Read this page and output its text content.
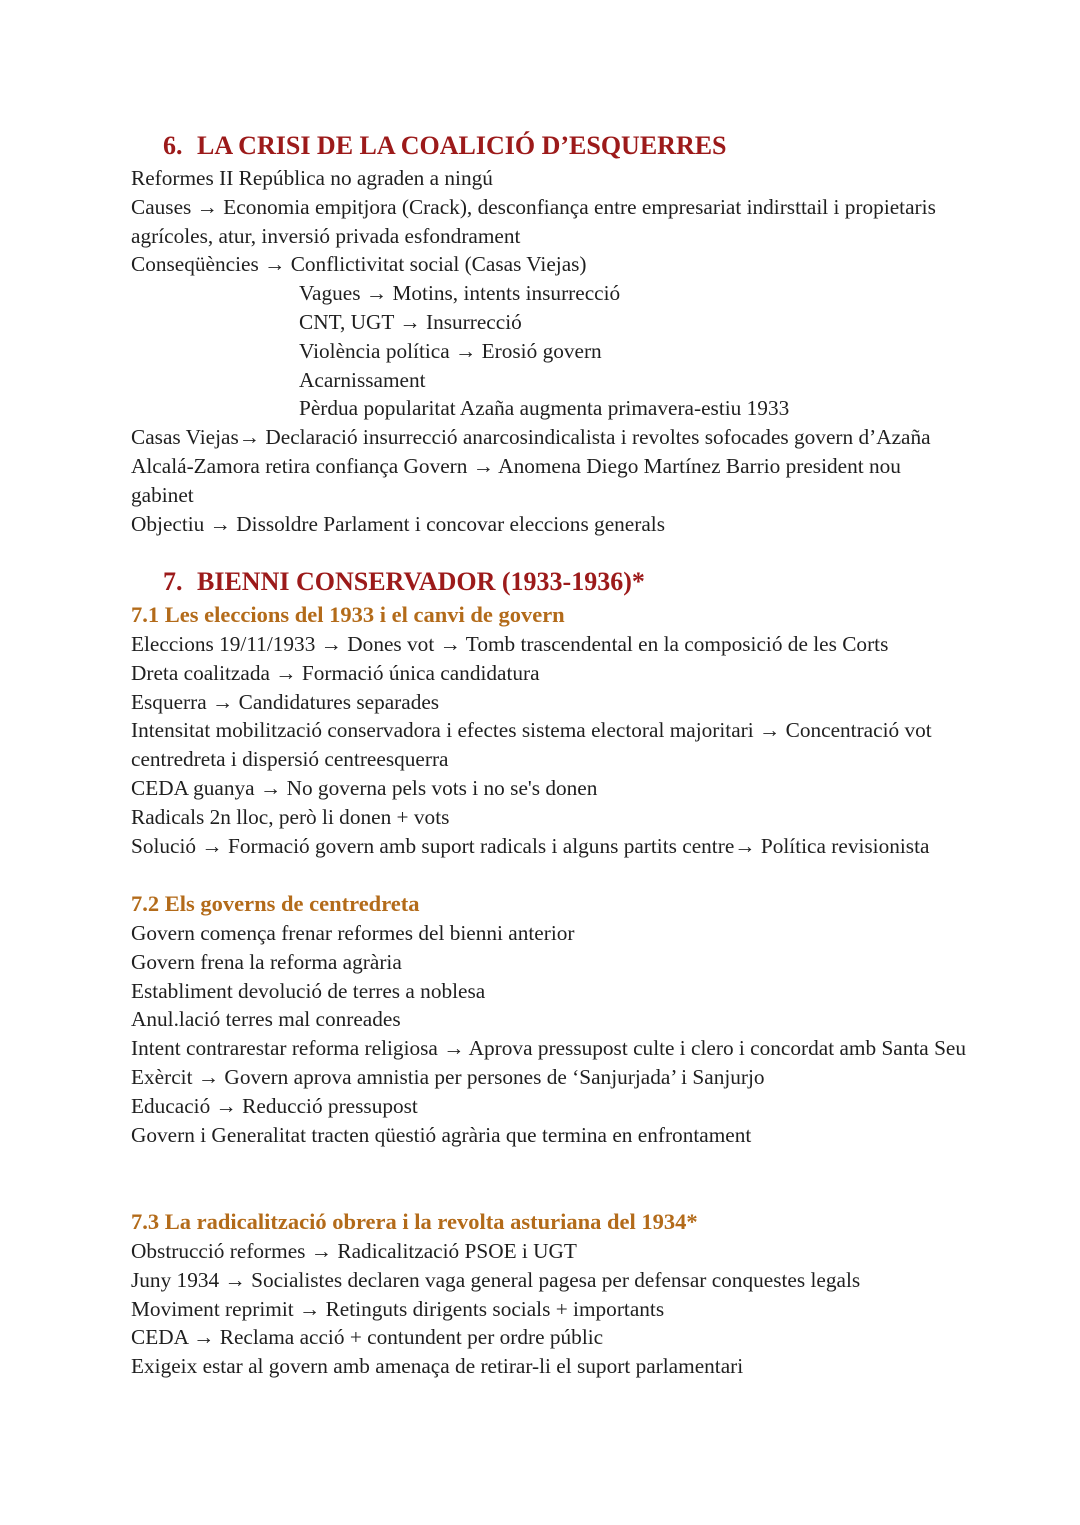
6. LA CRISI DE LA COALICIÓ D’ESQUERRES
Reformes II República no agraden a ningú
Causes → Economia empitjora (Crack), desconfiança entre empresariat indirsttail i propietaris agrícoles, atur, inversió privada esfondrament
Conseqüències → Conflictivitat social (Casas Viejas)
Vagues → Motins, intents insurrecció
CNT, UGT → Insurrecció
Violència política → Erosió govern
Acarnissament
Pèrdua popularitat Azaña augmenta primavera-estiu 1933
Casas Viejas→ Declaració insurrecció anarcosindicalista i revoltes sofocades govern d’Azaña
Alcalá-Zamora retira confiança Govern → Anomena Diego Martínez Barrio president nou gabinet
Objectiu → Dissoldre Parlament i concovar eleccions generals
7. BIENNI CONSERVADOR (1933-1936)*
7.1 Les eleccions del 1933 i el canvi de govern
Eleccions 19/11/1933 → Dones vot → Tomb trascendental en la composició de les Corts
Dreta coalitzada → Formació única candidatura
Esquerra → Candidatures separades
Intensitat mobilització conservadora i efectes sistema electoral majoritari → Concentració vot centredreta i dispersió centreesquerra
CEDA guanya → No governa pels vots i no se's donen
Radicals 2n lloc, però li donen + vots
Solució → Formació govern amb suport radicals i alguns partits centre→ Política revisionista
7.2 Els governs de centredreta
Govern comença frenar reformes del bienni anterior
Govern frena la reforma agrària
Establiment devolució de terres a noblesa
Anul.lació terres mal conreades
Intent contrarestar reforma religiosa → Aprova pressupost culte i clero i concordat amb Santa Seu
Exèrcit → Govern aprova amnistia per persones de ‘Sanjurjada’ i Sanjurjo
Educació → Reducció pressupost
Govern i Generalitat tracten qüestió agrària que termina en enfrontament
7.3 La radicalització obrera i la revolta asturiana del 1934*
Obstrucció reformes → Radicalització PSOE i UGT
Juny 1934 → Socialistes declaren vaga general pagesa per defensar conquestes legals
Moviment reprimit → Retinguts dirigents socials + importants
CEDA → Reclama acció + contundent per ordre públic
Exigeix estar al govern amb amenaça de retirar-li el suport parlamentari
